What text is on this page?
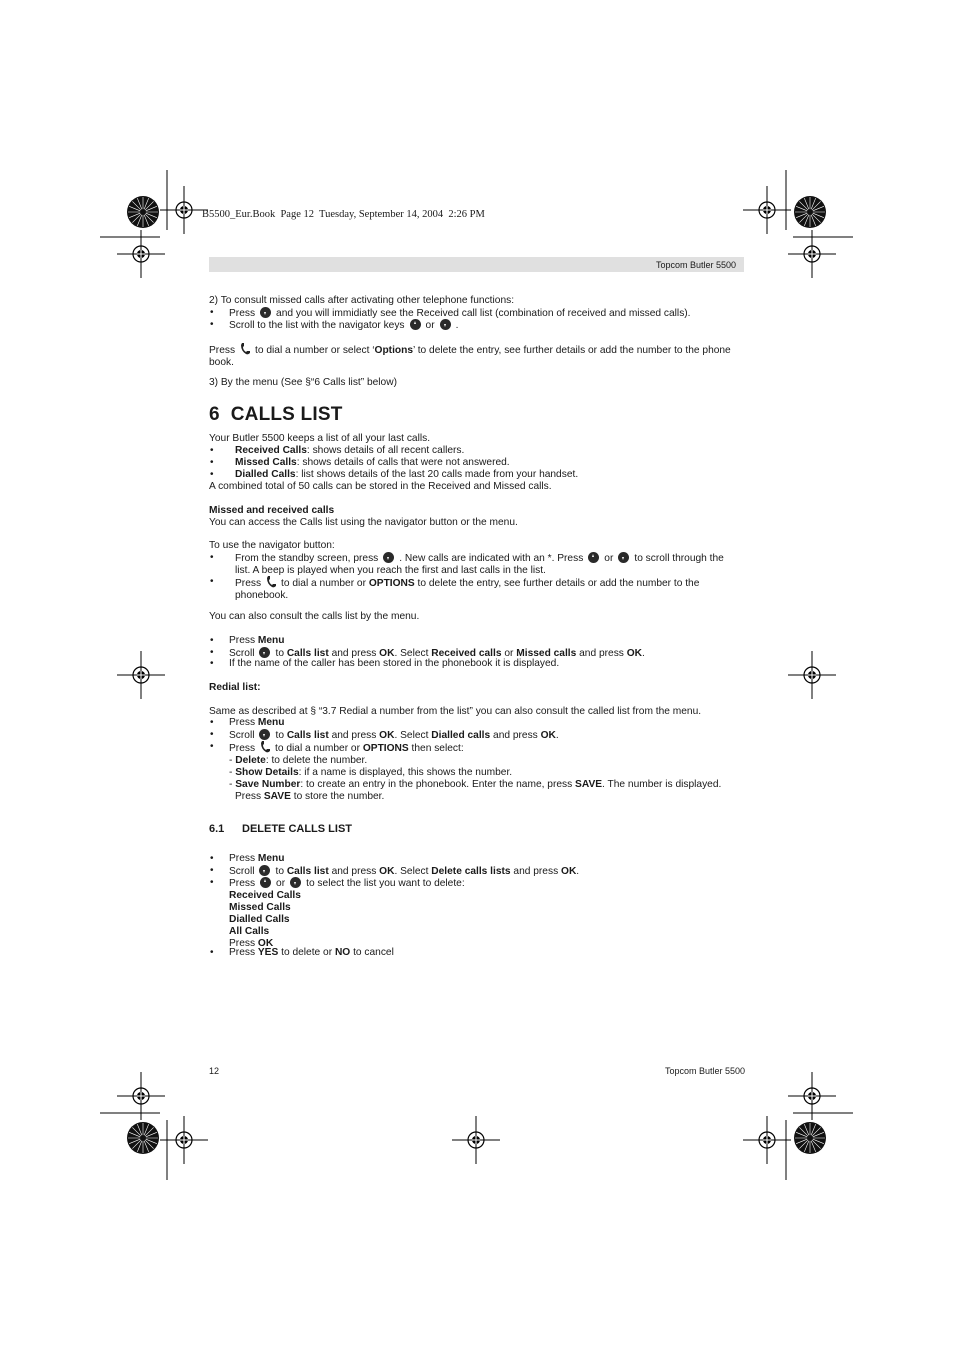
B5500_Eur.Book  Page 12  Tuesday, September 14, 2004  2:26 PM
Topcom Butler 5500
2) To consult missed calls after activating other telephone functions:
• Press and you will immidiatly see the Received call list (combination of received and missed calls).
• Scroll to the list with the navigator keys or .
Press to dial a number or select ‘Options’ to delete the entry, see further details or add the number to the phone
book.
3) By the menu (See §“6 Calls list” below)
6  CALLS LIST
Your Butler 5500 keeps a list of all your last calls.
• Received Calls: shows details of all recent callers.
• Missed Calls: shows details of calls that were not answered.
• Dialled Calls: list shows details of the last 20 calls made from your handset.
A combined total of 50 calls can be stored in the Received and Missed calls.
Missed and received calls
You can access the Calls list using the navigator button or the menu.
To use the navigator button:
• From the standby screen, press . New calls are indicated with an *. Press or to scroll through the
list. A beep is played when you reach the first and last calls in the list.
• Press to dial a number or OPTIONS to delete the entry, see further details or add the number to the
phonebook.
You can also consult the calls list by the menu.
• Press Menu
• Scroll to Calls list and press OK. Select Received calls or Missed calls and press OK.
• If the name of the caller has been stored in the phonebook it is displayed.
Redial list:
Same as described at § “3.7 Redial a number from the list” you can also consult the called list from the menu.
• Press Menu
• Scroll to Calls list and press OK. Select Dialled calls and press OK.
• Press to dial a number or OPTIONS then select:
- Delete: to delete the number.
- Show Details: if a name is displayed, this shows the number.
- Save Number: to create an entry in the phonebook. Enter the name, press SAVE. The number is displayed.
Press SAVE to store the number.
6.1 DELETE CALLS LIST
• Press Menu
• Scroll to Calls list and press OK. Select Delete calls lists and press OK.
• Press or to select the list you want to delete:
Received Calls
Missed Calls
Dialled Calls
All Calls
Press OK
• Press YES to delete or NO to cancel
12	Topcom Butler 5500
